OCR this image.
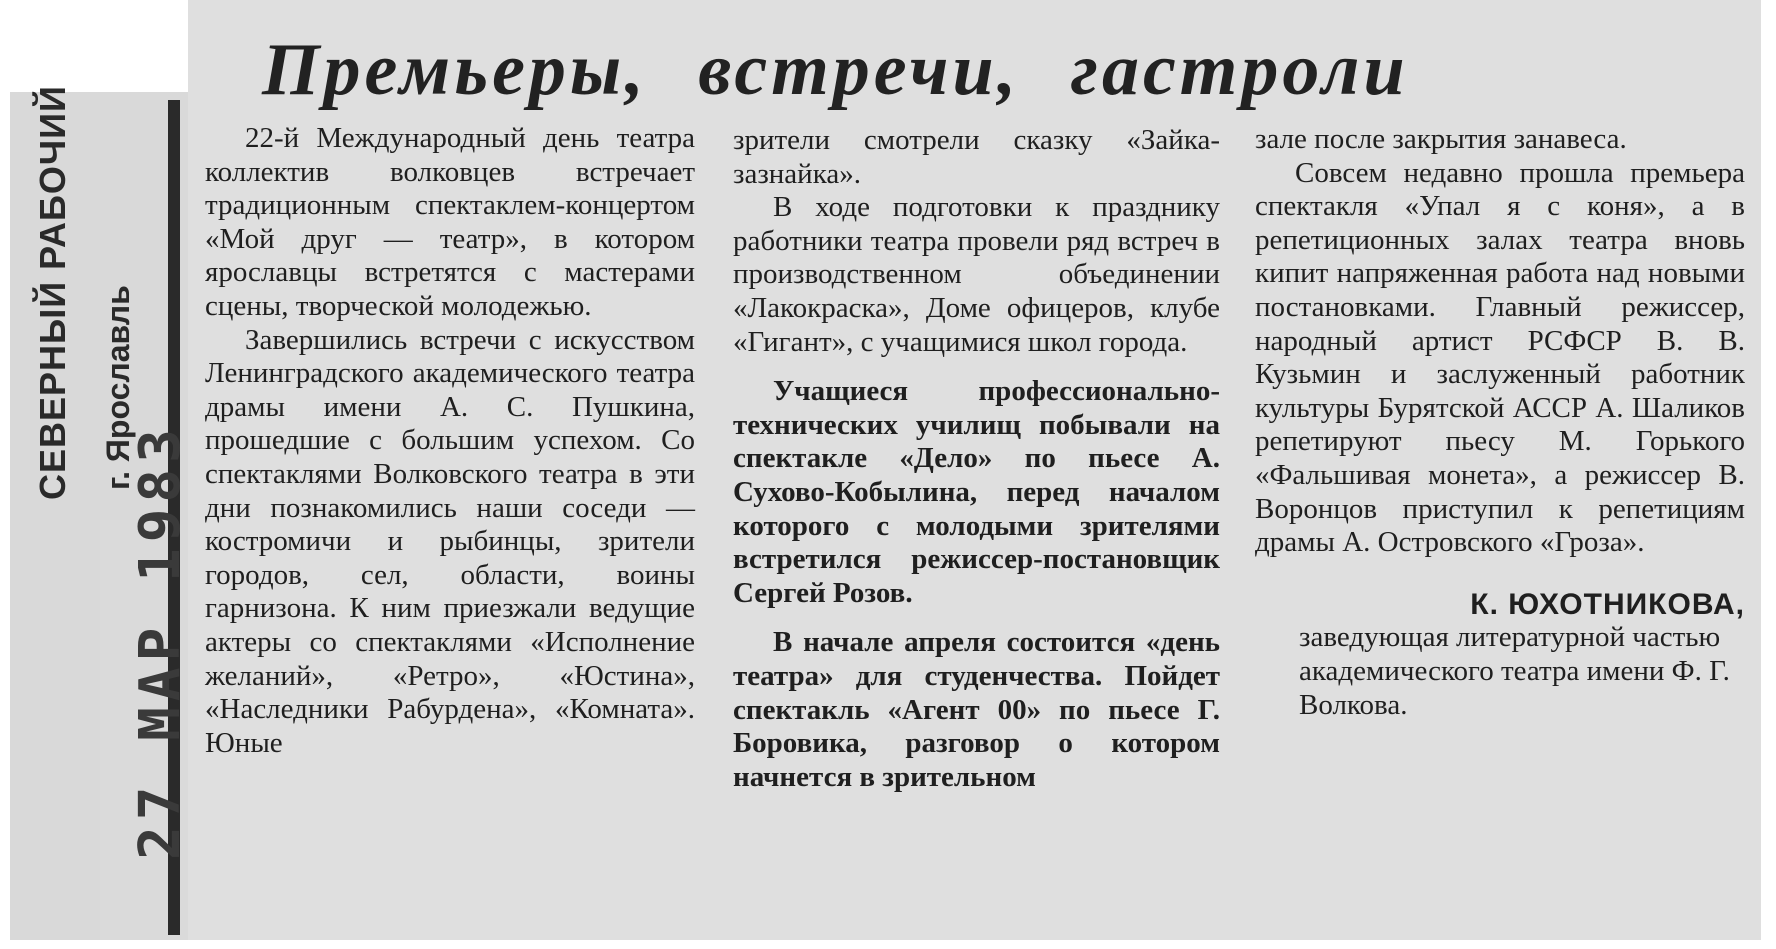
СЕВЕРНЫЙ РАБОЧИЙ г. Ярославль
27 МАР 1983
Премьеры, встречи, гастроли

22-й Международный день театра коллектив волковцев встречает традиционным спектаклем-концертом «Мой друг — театр», в котором ярославцы встретятся с мастерами сцены, творческой молодежью.

Завершились встречи с искусством Ленинградского академического театра драмы имени А. С. Пушкина, прошедшие с большим успехом. Со спектаклями Волковского театра в эти дни познакомились наши соседи — костромичи и рыбинцы, зрители городов, сел, области, воины гарнизона. К ним приезжали ведущие актеры со спектаклями «Исполнение желаний», «Ретро», «Юстина», «Наследники Рабурдена», «Комната». Юные

зрители смотрели сказку «Зайка-зазнайка».

В ходе подготовки к празднику работники театра провели ряд встреч в производственном объединении «Лакокраска», Доме офицеров, клубе «Гигант», с учащимися школ города.

Учащиеся профессионально-технических училищ побывали на спектакле «Дело» по пьесе А. Сухово-Кобылина, перед началом которого с молодыми зрителями встретился режиссер-постановщик Сергей Розов.

В начале апреля состоится «день театра» для студенчества. Пойдет спектакль «Агент 00» по пьесе Г. Боровика, разговор о котором начнется в зрительном

зале после закрытия занавеса.

Совсем недавно прошла премьера спектакля «Упал я с коня», а в репетиционных залах театра вновь кипит напряженная работа над новыми постановками. Главный режиссер, народный артист РСФСР В. В. Кузьмин и заслуженный работник культуры Бурятской АССР А. Шаликов репетируют пьесу М. Горького «Фальшивая монета», а режиссер В. Воронцов приступил к репетициям драмы А. Островского «Гроза».

К. ЮХОТНИКОВА,

заведующая литературной частью академического театра имени Ф. Г. Волкова.
